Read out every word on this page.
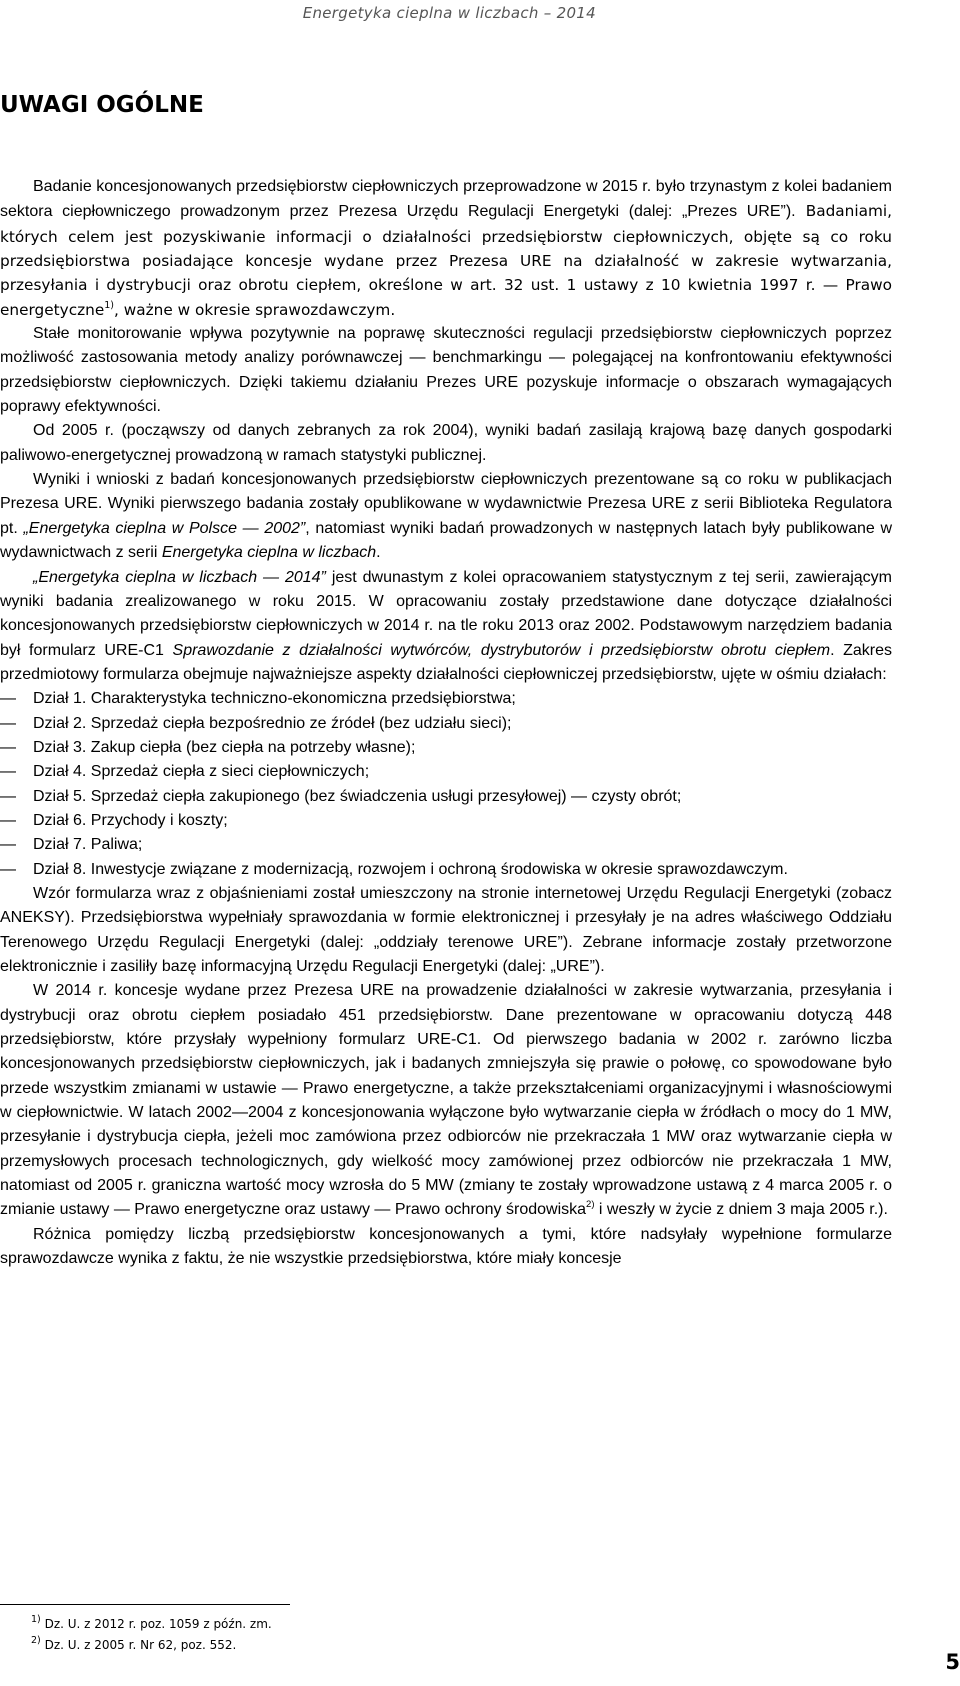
Energetyka cieplna w liczbach – 2014
UWAGI OGÓLNE

Badanie koncesjonowanych przedsiębiorstw ciepłowniczych przeprowadzone w 2015 r. było trzynastym z kolei badaniem sektora ciepłowniczego prowadzonym przez Prezesa Urzędu Regulacji Energetyki (dalej: „Prezes URE”). Badaniami, których celem jest pozyskiwanie informacji o działalności przedsiębiorstw ciepłowniczych, objęte są co roku przedsiębiorstwa posiadające koncesje wydane przez Prezesa URE na działalność w zakresie wytwarzania, przesyłania i dystrybucji oraz obrotu ciepłem, określone w art. 32 ust. 1 ustawy z 10 kwietnia 1997 r. — Prawo energetyczne$^{1)}$, ważne w okresie sprawozdawczym.

Stałe monitorowanie wpływa pozytywnie na poprawę skuteczności regulacji przedsiębiorstw ciepłowniczych poprzez możliwość zastosowania metody analizy porównawczej — benchmarkingu — polegającej na konfrontowaniu efektywności przedsiębiorstw ciepłowniczych. Dzięki takiemu działaniu Prezes URE pozyskuje informacje o obszarach wymagających poprawy efektywności.

Od 2005 r. (począwszy od danych zebranych za rok 2004), wyniki badań zasilają krajową bazę danych gospodarki paliwowo-energetycznej prowadzoną w ramach statystyki publicznej.

Wyniki i wnioski z badań koncesjonowanych przedsiębiorstw ciepłowniczych prezentowane są co roku w publikacjach Prezesa URE. Wyniki pierwszego badania zostały opublikowane w wydawnictwie Prezesa URE z serii Biblioteka Regulatora pt. „Energetyka cieplna w Polsce — 2002”, natomiast wyniki badań prowadzonych w następnych latach były publikowane w wydawnictwach z serii Energetyka cieplna w liczbach.

„Energetyka cieplna w liczbach — 2014” jest dwunastym z kolei opracowaniem statystycznym z tej serii, zawierającym wyniki badania zrealizowanego w roku 2015. W opracowaniu zostały przedstawione dane dotyczące działalności koncesjonowanych przedsiębiorstw ciepłowniczych w 2014 r. na tle roku 2013 oraz 2002. Podstawowym narzędziem badania był formularz URE-C1 Sprawozdanie z działalności wytwórców, dystrybutorów i przedsiębiorstw obrotu ciepłem. Zakres przedmiotowy formularza obejmuje najważniejsze aspekty działalności ciepłowniczej przedsiębiorstw, ujęte w ośmiu działach:

— Dział 1. Charakterystyka techniczno-ekonomiczna przedsiębiorstwa;
— Dział 2. Sprzedaż ciepła bezpośrednio ze źródeł (bez udziału sieci);
— Dział 3. Zakup ciepła (bez ciepła na potrzeby własne);
— Dział 4. Sprzedaż ciepła z sieci ciepłowniczych;
— Dział 5. Sprzedaż ciepła zakupionego (bez świadczenia usługi przesyłowej) — czysty obrót;
— Dział 6. Przychody i koszty;
— Dział 7. Paliwa;
— Dział 8. Inwestycje związane z modernizacją, rozwojem i ochroną środowiska w okresie sprawozdawczym.

Wzór formularza wraz z objaśnieniami został umieszczony na stronie internetowej Urzędu Regulacji Energetyki (zobacz ANEKSY). Przedsiębiorstwa wypełniały sprawozdania w formie elektronicznej i przesyłały je na adres właściwego Oddziału Terenowego Urzędu Regulacji Energetyki (dalej: „oddziały terenowe URE”). Zebrane informacje zostały przetworzone elektronicznie i zasiliły bazę informacyjną Urzędu Regulacji Energetyki (dalej: „URE”).

W 2014 r. koncesje wydane przez Prezesa URE na prowadzenie działalności w zakresie wytwarzania, przesyłania i dystrybucji oraz obrotu ciepłem posiadało 451 przedsiębiorstw. Dane prezentowane w opracowaniu dotyczą 448 przedsiębiorstw, które przysłały wypełniony formularz URE-C1. Od pierwszego badania w 2002 r. zarówno liczba koncesjonowanych przedsiębiorstw ciepłowniczych, jak i badanych zmniejszyła się prawie o połowę, co spowodowane było przede wszystkim zmianami w ustawie — Prawo energetyczne, a także przekształceniami organizacyjnymi i własnościowymi w ciepłownictwie. W latach 2002—2004 z koncesjonowania wyłączone było wytwarzanie ciepła w źródłach o mocy do 1 MW, przesyłanie i dystrybucja ciepła, jeżeli moc zamówiona przez odbiorców nie przekraczała 1 MW oraz wytwarzanie ciepła w przemysłowych procesach technologicznych, gdy wielkość mocy zamówionej przez odbiorców nie przekraczała 1 MW, natomiast od 2005 r. graniczna wartość mocy wzrosła do 5 MW (zmiany te zostały wprowadzone ustawą z 4 marca 2005 r. o zmianie ustawy — Prawo energetyczne oraz ustawy — Prawo ochrony środowiska$^{2)}$ i weszły w życie z dniem 3 maja 2005 r.).

Różnica pomiędzy liczbą przedsiębiorstw koncesjonowanych a tymi, które nadsyłały wypełnione formularze sprawozdawcze wynika z faktu, że nie wszystkie przedsiębiorstwa, które miały koncesje

$^{1)}$ Dz. U. z 2012 r. poz. 1059 z późn. zm.
$^{2)}$ Dz. U. z 2005 r. Nr 62, poz. 552.
5
